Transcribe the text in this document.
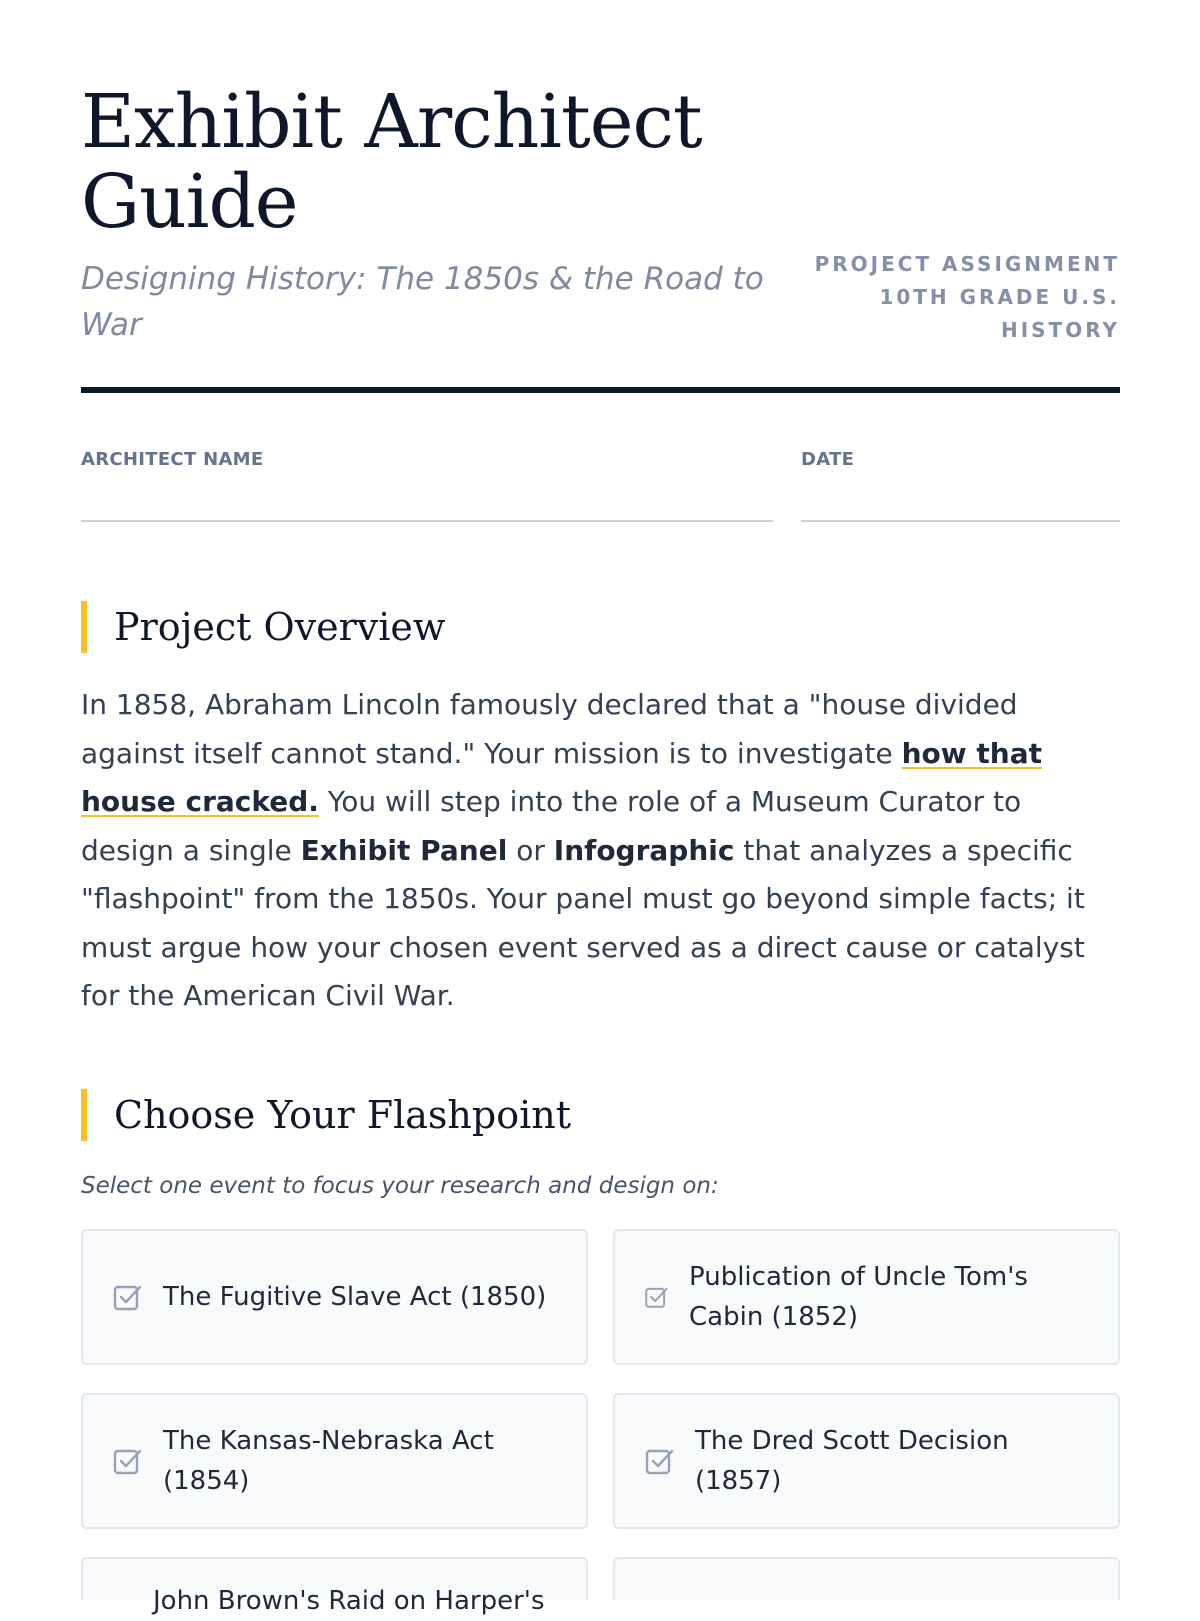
Exhibit Architect Guide
Designing History: The 1850s & the Road to War
PROJECT ASSIGNMENT
10TH GRADE U.S.
HISTORY
ARCHITECT NAME	DATE
Project Overview

In 1858, Abraham Lincoln famously declared that a "house divided against itself cannot stand." Your mission is to investigate how that house cracked. You will step into the role of a Museum Curator to design a single Exhibit Panel or Infographic that analyzes a specific "flashpoint" from the 1850s. Your panel must go beyond simple facts; it must argue how your chosen event served as a direct cause or catalyst for the American Civil War.

Choose Your Flashpoint
Select one event to focus your research and design on:
The Fugitive Slave Act (1850)
Publication of Uncle Tom's Cabin (1852)
The Kansas-Nebraska Act (1854)
The Dred Scott Decision (1857)
John Brown's Raid on Harper's
